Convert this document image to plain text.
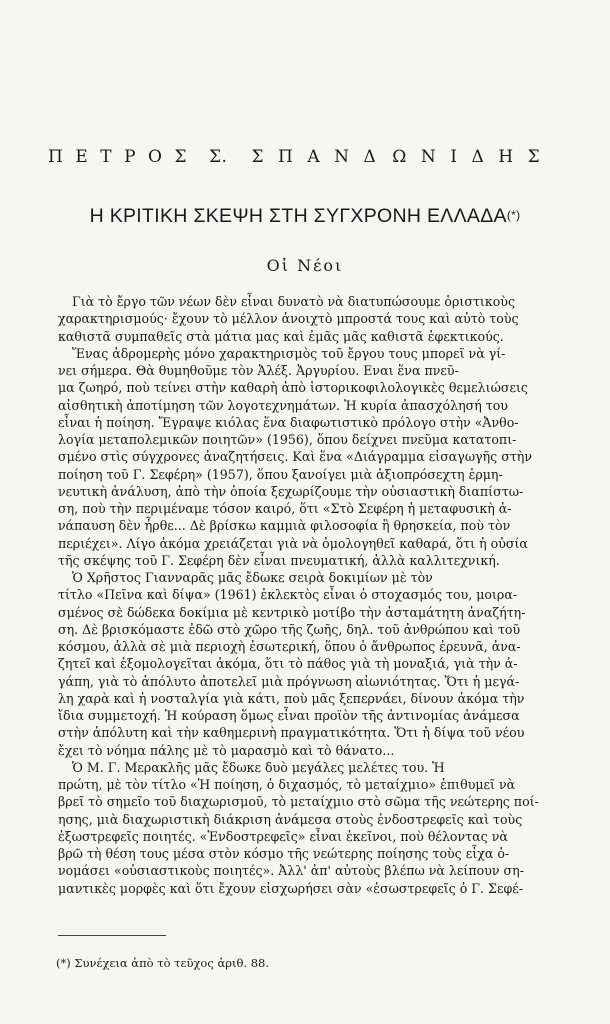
Π Ε Τ Ρ Ο Σ Σ. Σ Π Α Ν Δ Ω Ν Ι Δ Η Σ
Η ΚΡΙΤΙΚΗ ΣΚΕΨΗ ΣΤΗ ΣΥΓΧΡΟΝΗ ΕΛΛΑΔΑ(*)
Οἱ Νέοι
Γιὰ τὸ ἔργο τῶν νέων δὲν εἶναι δυνατὸ νὰ διατυπώσουμε ὁριστικοὺς
χαρακτηρισμούς· ἔχουν τὸ μέλλον ἀνοιχτὸ μπροστά τους καὶ αὐτὸ τοὺς
καθιστᾶ συμπαθεῖς στὰ μάτια μας καὶ ἐμᾶς μᾶς καθιστᾶ ἐφεκτικούς.
Ἕνας ἀδρομερὴς μόνο χαρακτηρισμὸς τοῦ ἔργου τους μπορεῖ νὰ γί-
νει σήμερα. Θὰ θυμηθοῦμε τὸν Ἀλέξ. Ἀργυρίου. Εναι ἕνα πνεῦ-
μα ζωηρό, ποὺ τείνει στὴν καθαρὴ ἀπὸ ἱστορικοφιλολογικὲς θεμελιώσεις
αἰσθητικὴ ἀποτίμηση τῶν λογοτεχνημάτων. Ἡ κυρία ἀπασχόλησή του
εἶναι ἡ ποίηση. Ἔγραψε κιόλας ἕνα διαφωτιστικὸ πρόλογο στὴν «Ἀνθο-
λογία μεταπολεμικῶν ποιητῶν» (1956), ὅπου δείχνει πνεῦμα κατατοπι-
σμένο στὶς σύγχρονες ἀναζητήσεις. Καὶ ἕνα «Διάγραμμα εἰσαγωγῆς στὴν
ποίηση τοῦ Γ. Σεφέρη» (1957), ὅπου ξανοίγει μιὰ ἀξιοπρόσεχτη ἑρμη-
νευτικὴ ἀνάλυση, ἀπὸ τὴν ὁποία ξεχωρίζουμε τὴν οὐσιαστικὴ διαπίστω-
ση, ποὺ τὴν περιμέναμε τόσον καιρό, ὅτι «Στὸ Σεφέρη ἡ μεταφυσικὴ ἀ-
νάπαυση δὲν ἦρθε... Δὲ βρίσκω καμμιὰ φιλοσοφία ἢ θρησκεία, ποὺ τὸν
περιέχει». Λίγο ἀκόμα χρειάζεται γιὰ νὰ ὁμολογηθεῖ καθαρά, ὅτι ἡ οὐσία
τῆς σκέψης τοῦ Γ. Σεφέρη δὲν εἶναι πνευματική, ἀλλὰ καλλιτεχνική.
Ὁ Χρῆστος Γιανναρᾶς μᾶς ἔδωκε σειρὰ δοκιμίων μὲ τὸν
τίτλο «Πεῖνα καὶ δίψα» (1961) ἐκλεκτὸς εἶναι ὁ στοχασμός του, μοιρα-
σμένος σὲ δώδεκα δοκίμια μὲ κεντρικὸ μοτίβο τὴν ἀσταμάτητη ἀναζήτη-
ση. Δὲ βρισκόμαστε ἐδῶ στὸ χῶρο τῆς ζωῆς, δηλ. τοῦ ἀνθρώπου καὶ τοῦ
κόσμου, ἀλλὰ σὲ μιὰ περιοχὴ ἐσωτερική, ὅπου ὁ ἄνθρωπος ἐρευνᾶ, ἀνα-
ζητεῖ καὶ ἐξομολογεῖται ἀκόμα, ὅτι τὸ πάθος γιὰ τὴ μοναξιά, γιὰ τὴν ἀ-
γάπη, γιὰ τὸ ἀπόλυτο ἀποτελεῖ μιὰ πρόγνωση αἰωνιότητας. Ὅτι ἡ μεγά-
λη χαρὰ καὶ ἡ νοσταλγία γιὰ κάτι, ποὺ μᾶς ξεπερνάει, δίνουν ἀκόμα τὴν
ἴδια συμμετοχή. Ἡ κούραση ὅμως εἶναι προϊὸν τῆς ἀντινομίας ἀνάμεσα
στὴν ἀπόλυτη καὶ τὴν καθημερινὴ πραγματικότητα. Ὅτι ἡ δίψα τοῦ νέου
ἔχει τὸ νόημα πάλης μὲ τὸ μαρασμὸ καὶ τὸ θάνατο...
Ὁ Μ. Γ. Μερακλῆς μᾶς ἔδωκε δυὸ μεγάλες μελέτες του. Ἡ
πρώτη, μὲ τὸν τίτλο «Ἡ ποίηση, ὁ διχασμός, τὸ μεταίχμιο» ἐπιθυμεῖ νὰ
βρεῖ τὸ σημεῖο τοῦ διαχωρισμοῦ, τὸ μεταίχμιο στὸ σῶμα τῆς νεώτερης ποί-
ησης, μιὰ διαχωριστικὴ διάκριση ἀνάμεσα στοὺς ἐνδοστρεφεῖς καὶ τοὺς
ἐξωστρεφεῖς ποιητές. «Ἐνδοστρεφεῖς» εἶναι ἐκεῖνοι, ποὺ θέλοντας νὰ
βρῶ τὴ θέση τους μέσα στὸν κόσμο τῆς νεώτερης ποίησης τοὺς εἶχα ὀ-
νομάσει «οὐσιαστικοὺς ποιητές». Ἀλλ' ἀπ' αὐτοὺς βλέπω νὰ λείπουν ση-
μαντικὲς μορφὲς καὶ ὅτι ἔχουν εἰσχωρήσει σὰν «ἐσωστρεφεῖς ὁ Γ. Σεφέ-
(*) Συνέχεια ἀπὸ τὸ τεῦχος ἀριθ. 88.
